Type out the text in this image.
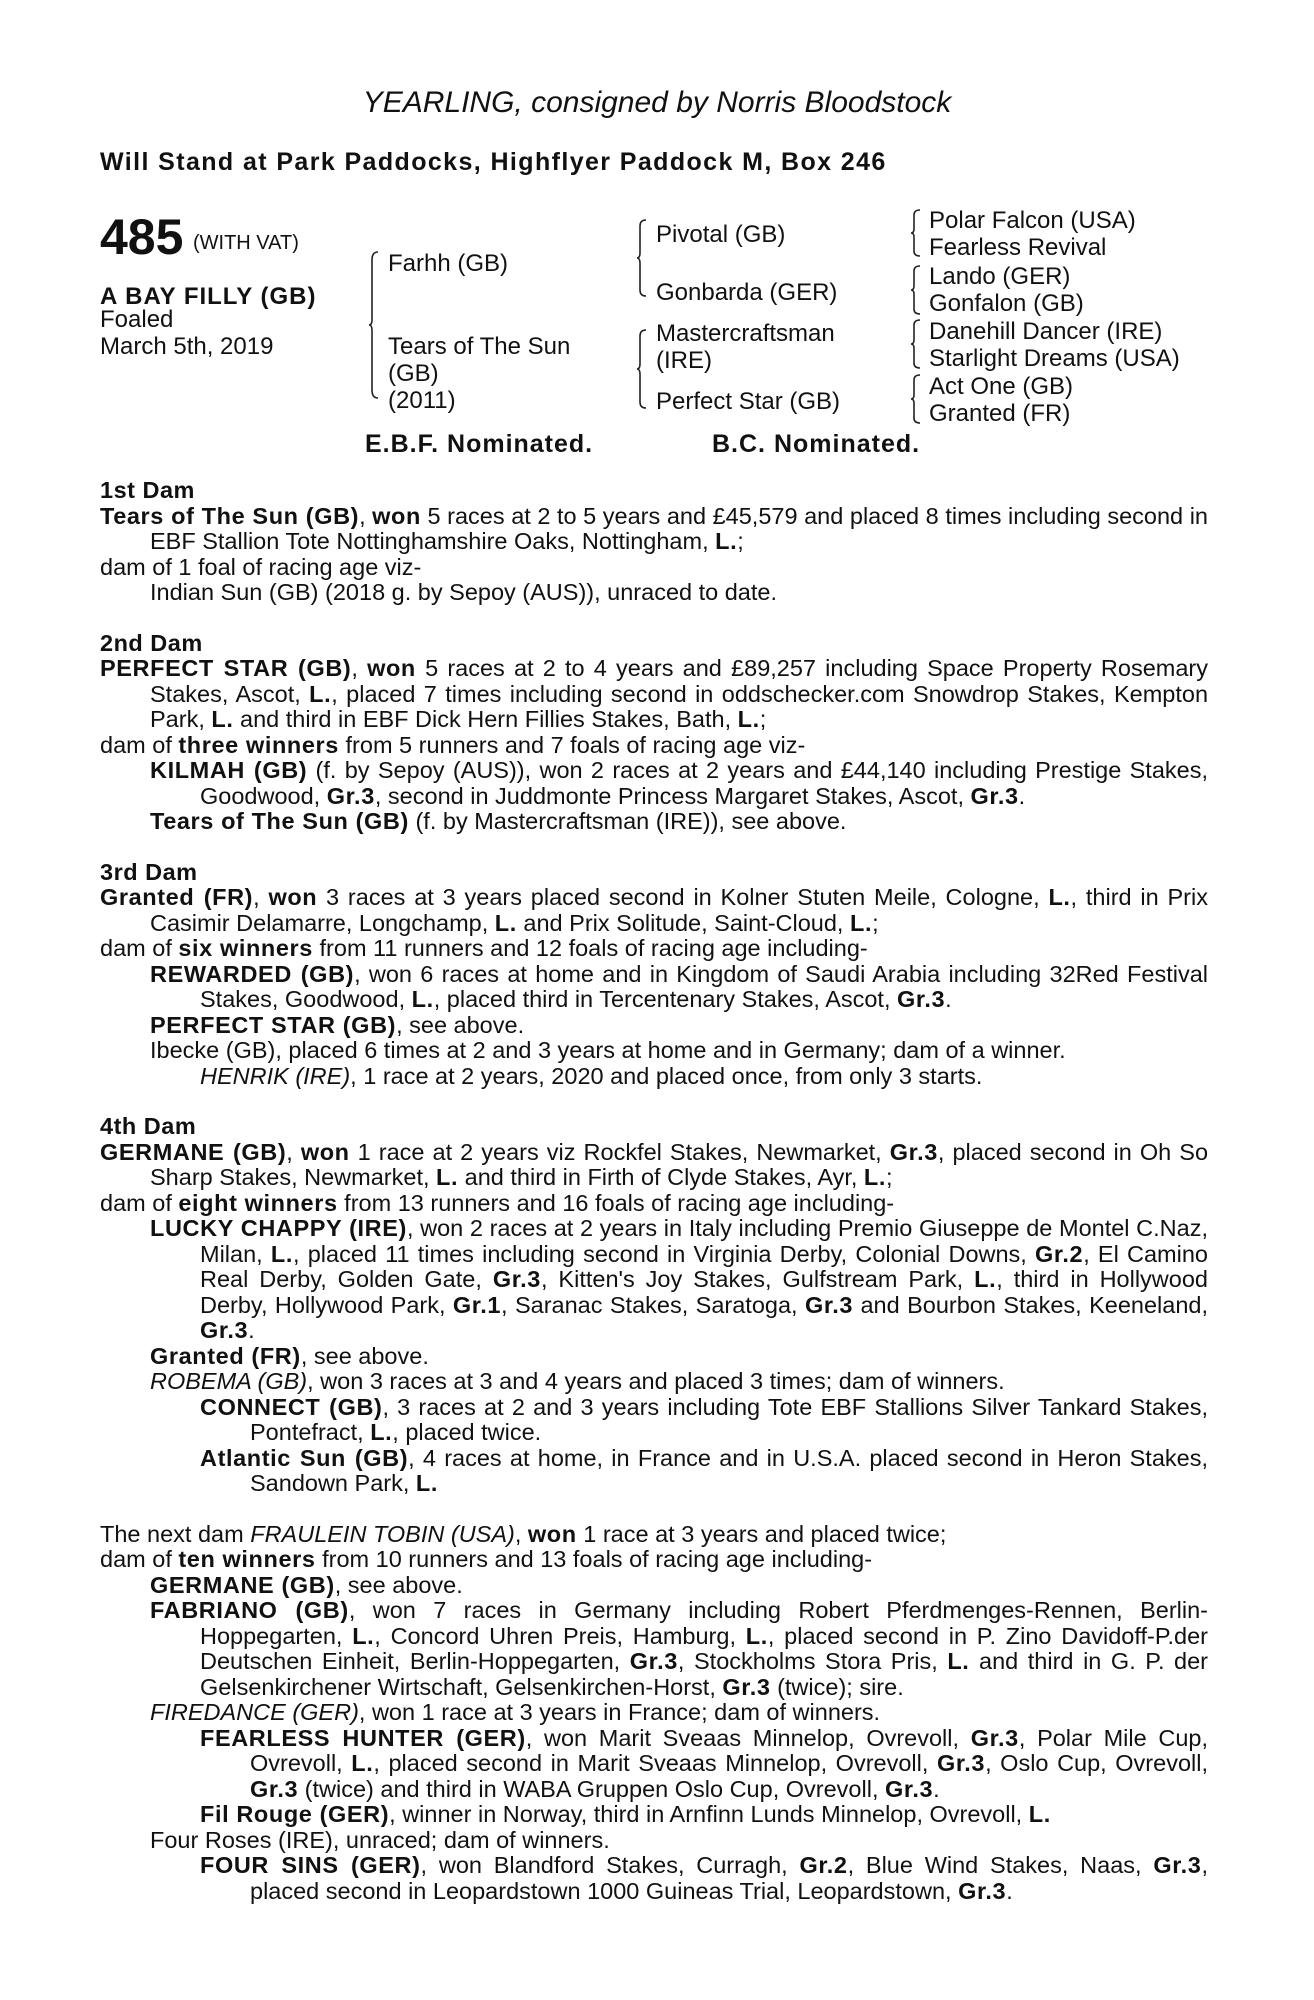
YEARLING, consigned by Norris Bloodstock
Will Stand at Park Paddocks, Highflyer Paddock M, Box 246
485 (WITH VAT)
A BAY FILLY (GB)
Foaled
March 5th, 2019
Farhh (GB)
Tears of The Sun
(GB)
(2011)
Pivotal (GB)
Gonbarda (GER)
Mastercraftsman
(IRE)
Perfect Star (GB)
Polar Falcon (USA)
Fearless Revival
Lando (GER)
Gonfalon (GB)
Danehill Dancer (IRE)
Starlight Dreams (USA)
Act One (GB)
Granted (FR)
E.B.F. Nominated.	B.C. Nominated.
1st Dam
Tears of The Sun (GB), won 5 races at 2 to 5 years and £45,579 and placed 8 times including second in EBF Stallion Tote Nottinghamshire Oaks, Nottingham, L.;
dam of 1 foal of racing age viz-
Indian Sun (GB) (2018 g. by Sepoy (AUS)), unraced to date.
2nd Dam
PERFECT STAR (GB), won 5 races at 2 to 4 years and £89,257 including Space Property Rosemary Stakes, Ascot, L., placed 7 times including second in oddschecker.com Snowdrop Stakes, Kempton Park, L. and third in EBF Dick Hern Fillies Stakes, Bath, L.;
dam of three winners from 5 runners and 7 foals of racing age viz-
KILMAH (GB) (f. by Sepoy (AUS)), won 2 races at 2 years and £44,140 including Prestige Stakes, Goodwood, Gr.3, second in Juddmonte Princess Margaret Stakes, Ascot, Gr.3.
Tears of The Sun (GB) (f. by Mastercraftsman (IRE)), see above.
3rd Dam
Granted (FR), won 3 races at 3 years placed second in Kolner Stuten Meile, Cologne, L., third in Prix Casimir Delamarre, Longchamp, L. and Prix Solitude, Saint-Cloud, L.;
dam of six winners from 11 runners and 12 foals of racing age including-
REWARDED (GB), won 6 races at home and in Kingdom of Saudi Arabia including 32Red Festival Stakes, Goodwood, L., placed third in Tercentenary Stakes, Ascot, Gr.3.
PERFECT STAR (GB), see above.
Ibecke (GB), placed 6 times at 2 and 3 years at home and in Germany; dam of a winner.
HENRIK (IRE), 1 race at 2 years, 2020 and placed once, from only 3 starts.
4th Dam
GERMANE (GB), won 1 race at 2 years viz Rockfel Stakes, Newmarket, Gr.3, placed second in Oh So Sharp Stakes, Newmarket, L. and third in Firth of Clyde Stakes, Ayr, L.;
dam of eight winners from 13 runners and 16 foals of racing age including-
LUCKY CHAPPY (IRE), won 2 races at 2 years in Italy including Premio Giuseppe de Montel C.Naz, Milan, L., placed 11 times including second in Virginia Derby, Colonial Downs, Gr.2, El Camino Real Derby, Golden Gate, Gr.3, Kitten's Joy Stakes, Gulfstream Park, L., third in Hollywood Derby, Hollywood Park, Gr.1, Saranac Stakes, Saratoga, Gr.3 and Bourbon Stakes, Keeneland, Gr.3.
Granted (FR), see above.
ROBEMA (GB), won 3 races at 3 and 4 years and placed 3 times; dam of winners.
CONNECT (GB), 3 races at 2 and 3 years including Tote EBF Stallions Silver Tankard Stakes, Pontefract, L., placed twice.
Atlantic Sun (GB), 4 races at home, in France and in U.S.A. placed second in Heron Stakes, Sandown Park, L.
The next dam FRAULEIN TOBIN (USA), won 1 race at 3 years and placed twice;
dam of ten winners from 10 runners and 13 foals of racing age including-
GERMANE (GB), see above.
FABRIANO (GB), won 7 races in Germany including Robert Pferdmenges-Rennen, Berlin-Hoppegarten, L., Concord Uhren Preis, Hamburg, L., placed second in P. Zino Davidoff-P.der Deutschen Einheit, Berlin-Hoppegarten, Gr.3, Stockholms Stora Pris, L. and third in G. P. der Gelsenkirchener Wirtschaft, Gelsenkirchen-Horst, Gr.3 (twice); sire.
FIREDANCE (GER), won 1 race at 3 years in France; dam of winners.
FEARLESS HUNTER (GER), won Marit Sveaas Minnelop, Ovrevoll, Gr.3, Polar Mile Cup, Ovrevoll, L., placed second in Marit Sveaas Minnelop, Ovrevoll, Gr.3, Oslo Cup, Ovrevoll, Gr.3 (twice) and third in WABA Gruppen Oslo Cup, Ovrevoll, Gr.3.
Fil Rouge (GER), winner in Norway, third in Arnfinn Lunds Minnelop, Ovrevoll, L.
Four Roses (IRE), unraced; dam of winners.
FOUR SINS (GER), won Blandford Stakes, Curragh, Gr.2, Blue Wind Stakes, Naas, Gr.3, placed second in Leopardstown 1000 Guineas Trial, Leopardstown, Gr.3.
